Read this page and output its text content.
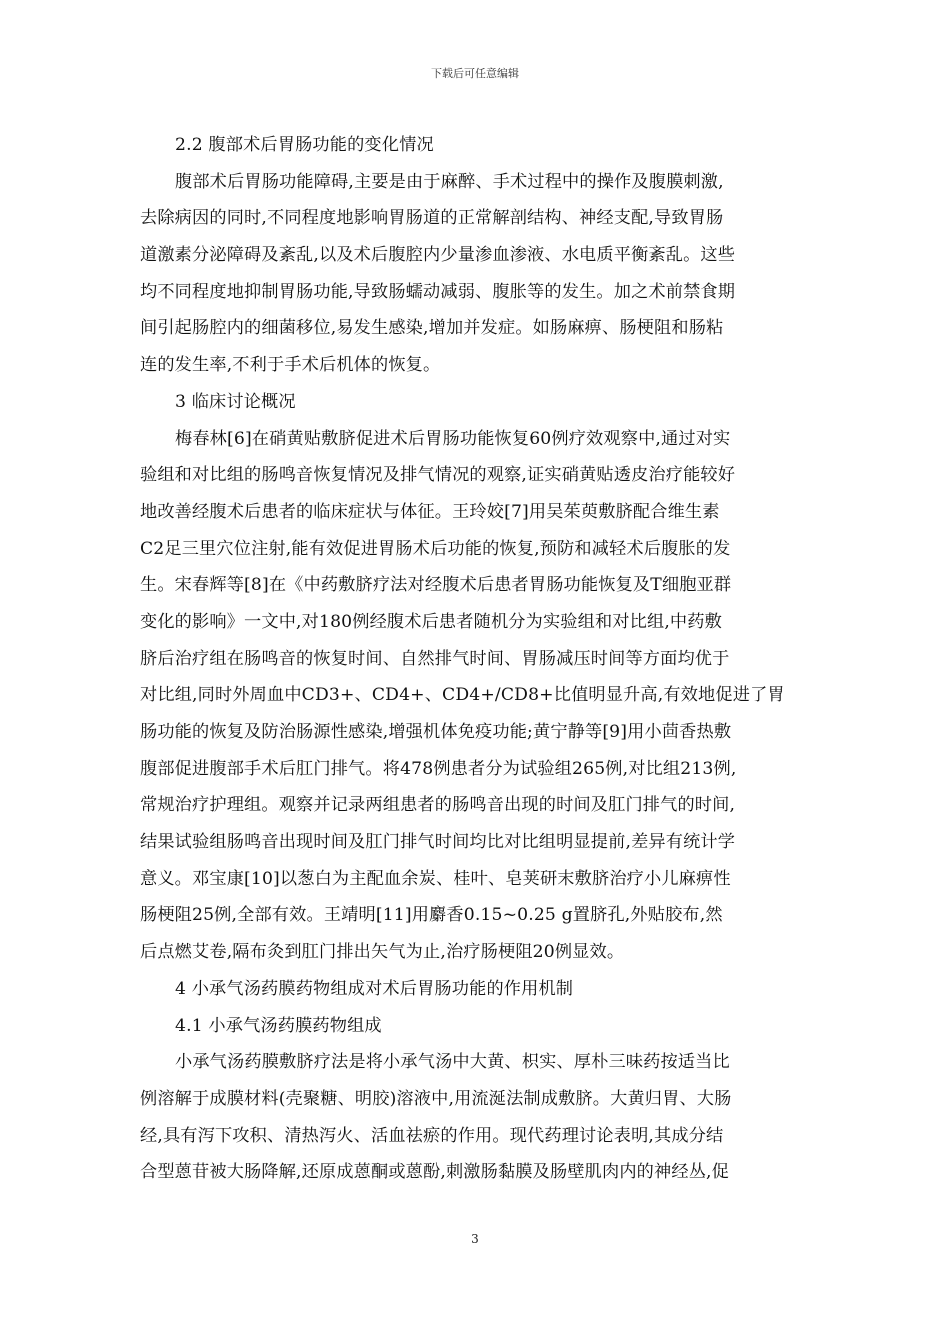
下载后可任意编辑
2.2 腹部术后胃肠功能的变化情况
腹部术后胃肠功能障碍,主要是由于麻醉、手术过程中的操作及腹膜刺激,
去除病因的同时,不同程度地影响胃肠道的正常解剖结构、神经支配,导致胃肠
道激素分泌障碍及紊乱,以及术后腹腔内少量渗血渗液、水电质平衡紊乱。这些
均不同程度地抑制胃肠功能,导致肠蠕动减弱、腹胀等的发生。加之术前禁食期
间引起肠腔内的细菌移位,易发生感染,增加并发症。如肠麻痹、肠梗阻和肠粘
连的发生率,不利于手术后机体的恢复。
3 临床讨论概况
梅春林[6]在硝黄贴敷脐促进术后胃肠功能恢复60例疗效观察中,通过对实
验组和对比组的肠鸣音恢复情况及排气情况的观察,证实硝黄贴透皮治疗能较好
地改善经腹术后患者的临床症状与体征。王玲姣[7]用吴茱萸敷脐配合维生素
C2足三里穴位注射,能有效促进胃肠术后功能的恢复,预防和减轻术后腹胀的发
生。宋春辉等[8]在《中药敷脐疗法对经腹术后患者胃肠功能恢复及T细胞亚群
变化的影响》一文中,对180例经腹术后患者随机分为实验组和对比组,中药敷
脐后治疗组在肠鸣音的恢复时间、自然排气时间、胃肠减压时间等方面均优于
对比组,同时外周血中CD3+、CD4+、CD4+/CD8+比值明显升高,有效地促进了胃
肠功能的恢复及防治肠源性感染,增强机体免疫功能;黄宁静等[9]用小茴香热敷
腹部促进腹部手术后肛门排气。将478例患者分为试验组265例,对比组213例,
常规治疗护理组。观察并记录两组患者的肠鸣音出现的时间及肛门排气的时间,
结果试验组肠鸣音出现时间及肛门排气时间均比对比组明显提前,差异有统计学
意义。邓宝康[10]以葱白为主配血余炭、桂叶、皂荚研末敷脐治疗小儿麻痹性
肠梗阻25例,全部有效。王靖明[11]用麝香0.15~0.25 g置脐孔,外贴胶布,然
后点燃艾卷,隔布灸到肛门排出矢气为止,治疗肠梗阻20例显效。
4 小承气汤药膜药物组成对术后胃肠功能的作用机制
4.1 小承气汤药膜药物组成
小承气汤药膜敷脐疗法是将小承气汤中大黄、枳实、厚朴三味药按适当比
例溶解于成膜材料(壳聚糖、明胶)溶液中,用流涎法制成敷脐。大黄归胃、大肠
经,具有泻下攻积、清热泻火、活血祛瘀的作用。现代药理讨论表明,其成分结
合型蒽苷被大肠降解,还原成蒽酮或蒽酚,刺激肠黏膜及肠壁肌肉内的神经丛,促
3
